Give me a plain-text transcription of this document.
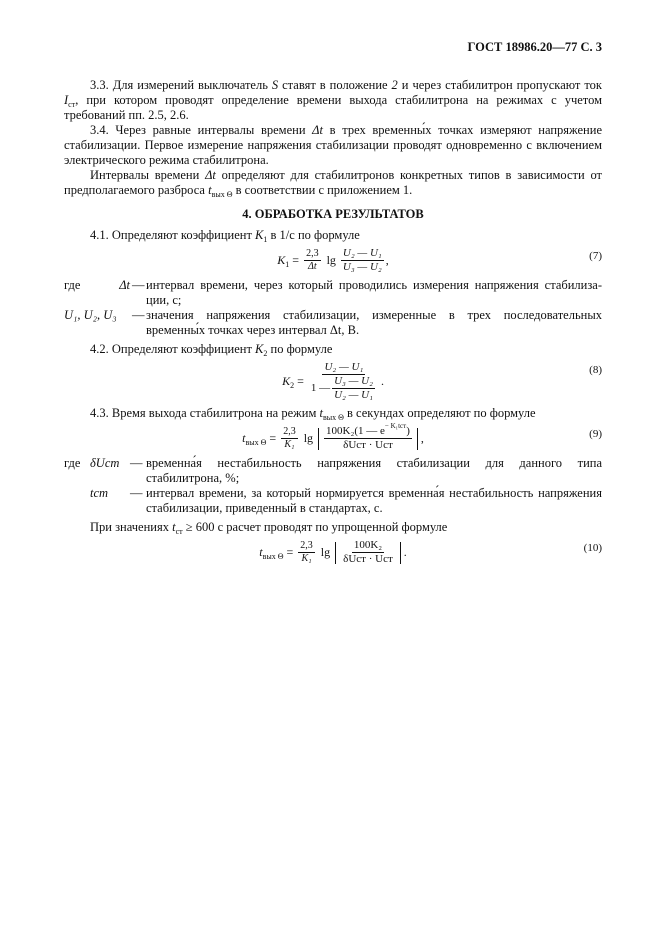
ГОСТ 18986.20—77 С. 3

3.3. Для измерений выключатель S ставят в положение 2 и через стабилитрон пропускают ток $I_{ст}$, при котором проводят определение времени выхода стабилитрона на режимах с учетом требований пп. 2.5, 2.6.

3.4. Через равные интервалы времени Δt в трех временны́х точках измеряют напряжение стабилизации. Первое измерение напряжения стабилизации проводят одновременно с включением электрического режима стабилитрона.

Интервалы времени Δt определяют для стабилитронов конкретных типов в зависимости от предполагаемого разброса $t_{вых \Theta}$ в соответствии с приложением 1.

4. ОБРАБОТКА РЕЗУЛЬТАТОВ

4.1. Определяют коэффициент $K_1$ в 1/с по формуле

$K_1 = \frac{2,3}{\Delta t}$ $\lg \frac{\text{U₂ — U₁}}{\text{U₃ — U₂}}$ ,	(7)
где	Δt — интервал времени, через который проводились измерения напряжения стабилиза-ции, с;
U₁, U₂, U₃	— значения напряжения стабилизации, измеренные в трех последовательных временны́х точках через интервал Δt, В.

4.2. Определяют коэффициент $K_2$ по формуле

$K_2 = \frac{\text{U₂ — U₁}}{1 — \frac{\text{U₃ — U₂}}{\text{U₂ — U₁}}}$ .
(8)

4.3. Время выхода стабилитрона на режим $t_{вых \Theta}$ в секундах определяют по формуле

$t_{вых \Theta} = \frac{2,3}{\text{K₁}}$ $\lg \frac{100K_2(1 — e^{- K_1tст})}{\text{δUст · Uст}}$ ,	(9)
где δUст — временна́я нестабильность напряжения стабилизации для данного типа стабилитрона, %;
tст	— интервал времени, за который нормируется временна́я нестабильность напряжения стабилизации, приведенный в стандартах, с.

При значениях $t_{ст} \ge 600$ с расчет проводят по упрощенной формуле

$t_{вых \Theta} = \frac{2,3}{\text{K₁}}$ $\lg \frac{\text{100K₂}}{\text{δUст · Uст}}$ .	(10)
